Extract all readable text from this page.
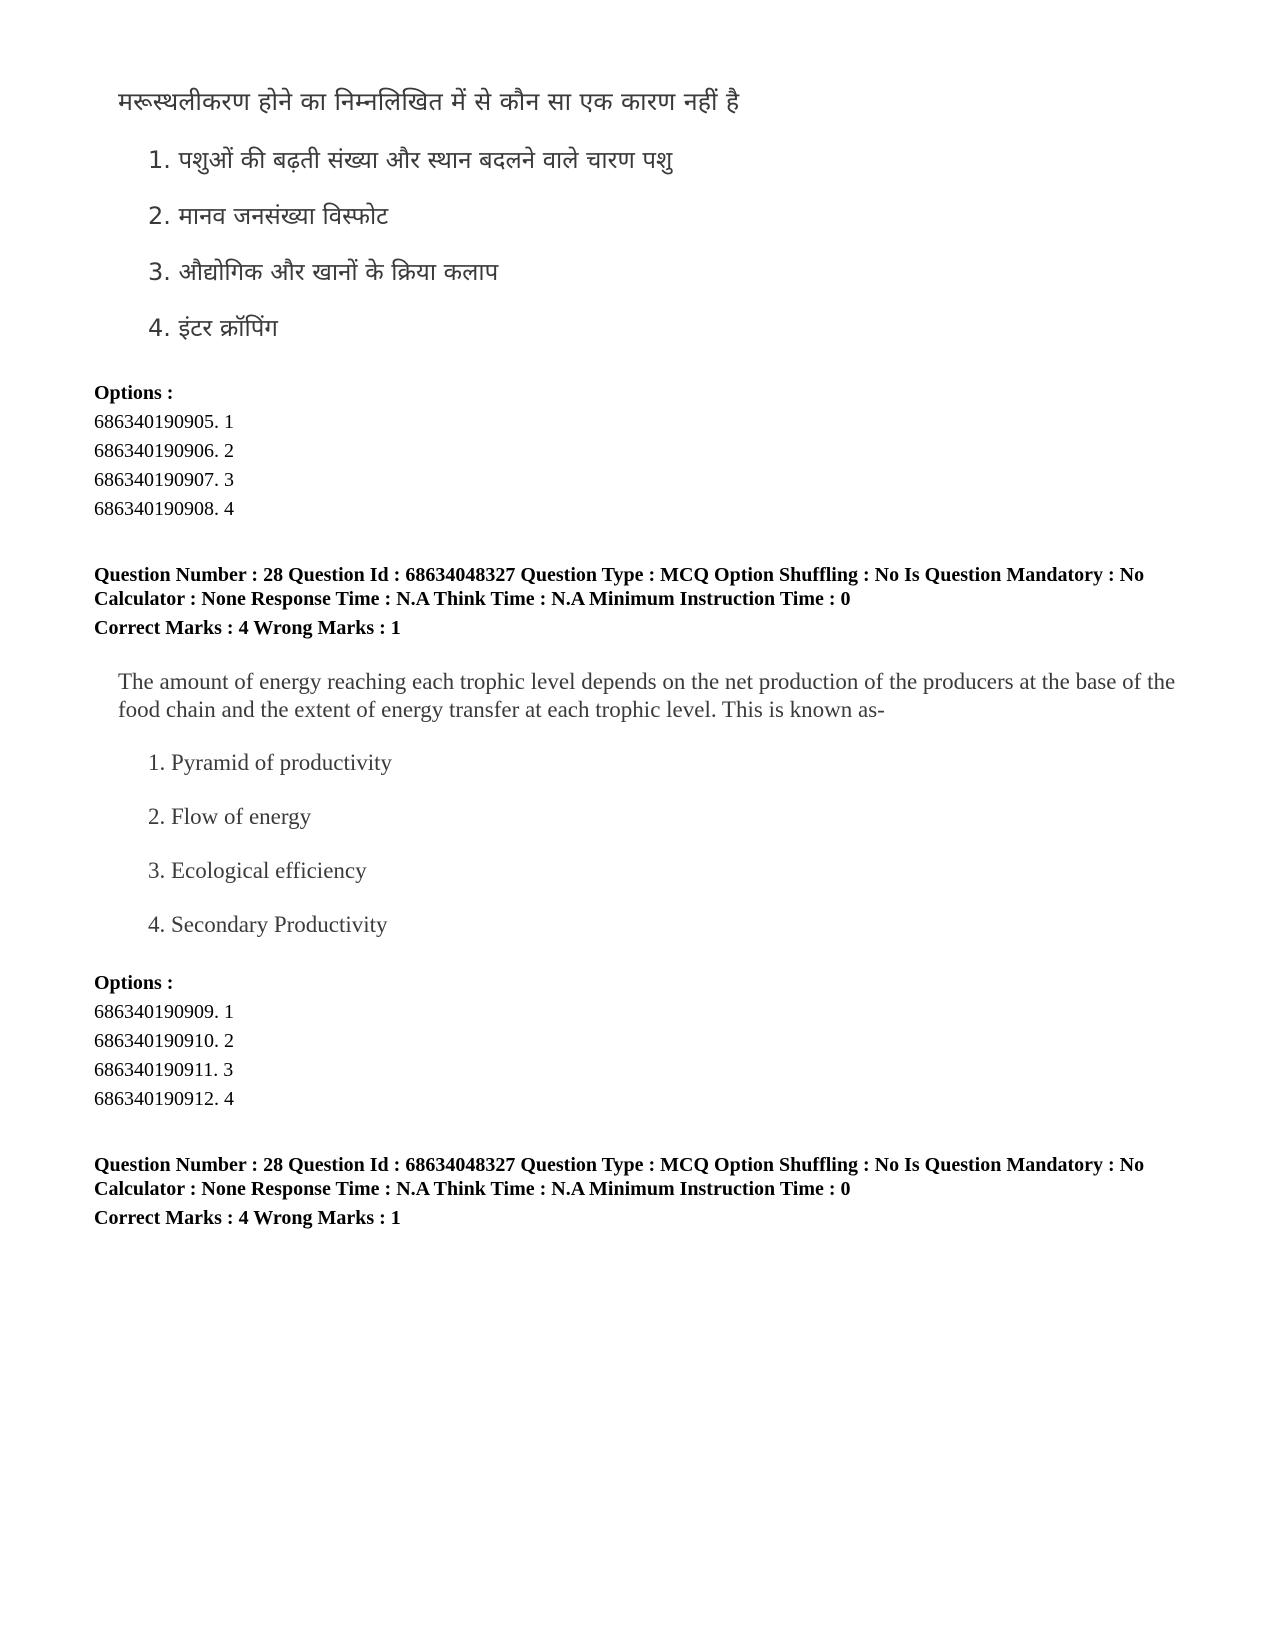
मरूस्थलीकरण होने का निम्नलिखित में से कौन सा एक कारण नहीं है
1. पशुओं की बढ़ती संख्या और स्थान बदलने वाले चारण पशु
2. मानव जनसंख्या विस्फोट
3. औद्योगिक और खानों के क्रिया कलाप
4. इंटर क्रॉपिंग
Options :
686340190905. 1
686340190906. 2
686340190907. 3
686340190908. 4
Question Number : 28 Question Id : 68634048327 Question Type : MCQ Option Shuffling : No Is Question Mandatory : No Calculator : None Response Time : N.A Think Time : N.A Minimum Instruction Time : 0
Correct Marks : 4 Wrong Marks : 1
The amount of energy reaching each trophic level depends on the net production of the producers at the base of the food chain and the extent of energy transfer at each trophic level. This is known as-
1. Pyramid of productivity
2. Flow of energy
3. Ecological efficiency
4. Secondary Productivity
Options :
686340190909. 1
686340190910. 2
686340190911. 3
686340190912. 4
Question Number : 28 Question Id : 68634048327 Question Type : MCQ Option Shuffling : No Is Question Mandatory : No Calculator : None Response Time : N.A Think Time : N.A Minimum Instruction Time : 0
Correct Marks : 4 Wrong Marks : 1
